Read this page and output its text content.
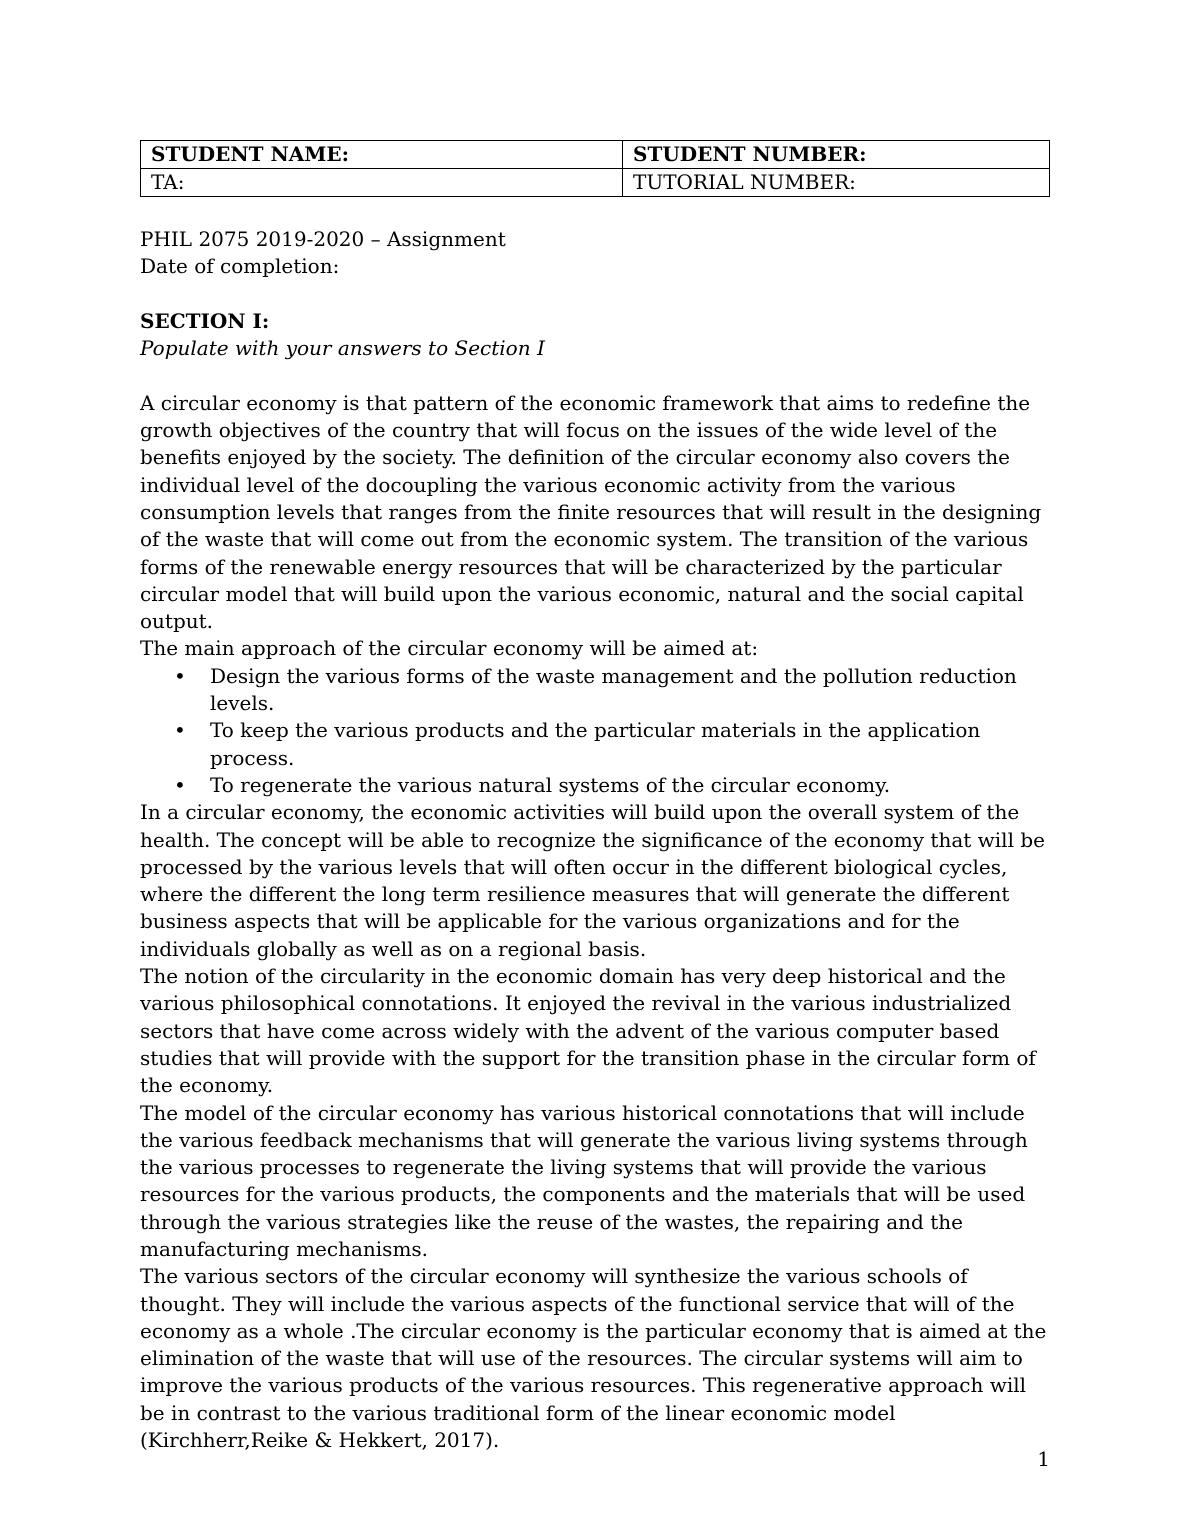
STUDENT NAME:	STUDENT NUMBER:
TA:	TUTORIAL NUMBER:
PHIL 2075 2019-2020 – Assignment
Date of completion:
SECTION I:
Populate with your answers to Section I

A circular economy is that pattern of the economic framework that aims to redefine the growth objectives of the country that will focus on the issues of the wide level of the benefits enjoyed by the society. The definition of the circular economy also covers the individual level of the docoupling the various economic activity from the various consumption levels that ranges from the finite resources that will result in the designing of the waste that will come out from the economic system. The transition of the various forms of the renewable energy resources that will be characterized by the particular circular model that will build upon the various economic, natural and the social capital output.

The main approach of the circular economy will be aimed at:

• Design the various forms of the waste management and the pollution reduction levels.
• To keep the various products and the particular materials in the application process.
• To regenerate the various natural systems of the circular economy.

In a circular economy, the economic activities will build upon the overall system of the health. The concept will be able to recognize the significance of the economy that will be processed by the various levels that will often occur in the different biological cycles, where the different the long term resilience measures that will generate the different business aspects that will be applicable for the various organizations and for the individuals globally as well as on a regional basis.

The notion of the circularity in the economic domain has very deep historical and the various philosophical connotations. It enjoyed the revival in the various industrialized sectors that have come across widely with the advent of the various computer based studies that will provide with the support for the transition phase in the circular form of the economy.

The model of the circular economy has various historical connotations that will include the various feedback mechanisms that will generate the various living systems through the various processes to regenerate the living systems that will provide the various resources for the various products, the components and the materials that will be used through the various strategies like the reuse of the wastes, the repairing and the manufacturing mechanisms.

The various sectors of the circular economy will synthesize the various schools of thought. They will include the various aspects of the functional service that will of the economy as a whole .The circular economy is the particular economy that is aimed at the elimination of the waste that will use of the resources. The circular systems will aim to improve the various products of the various resources. This regenerative approach will be in contrast to the various traditional form of the linear economic model (Kirchherr,Reike & Hekkert, 2017).

1
